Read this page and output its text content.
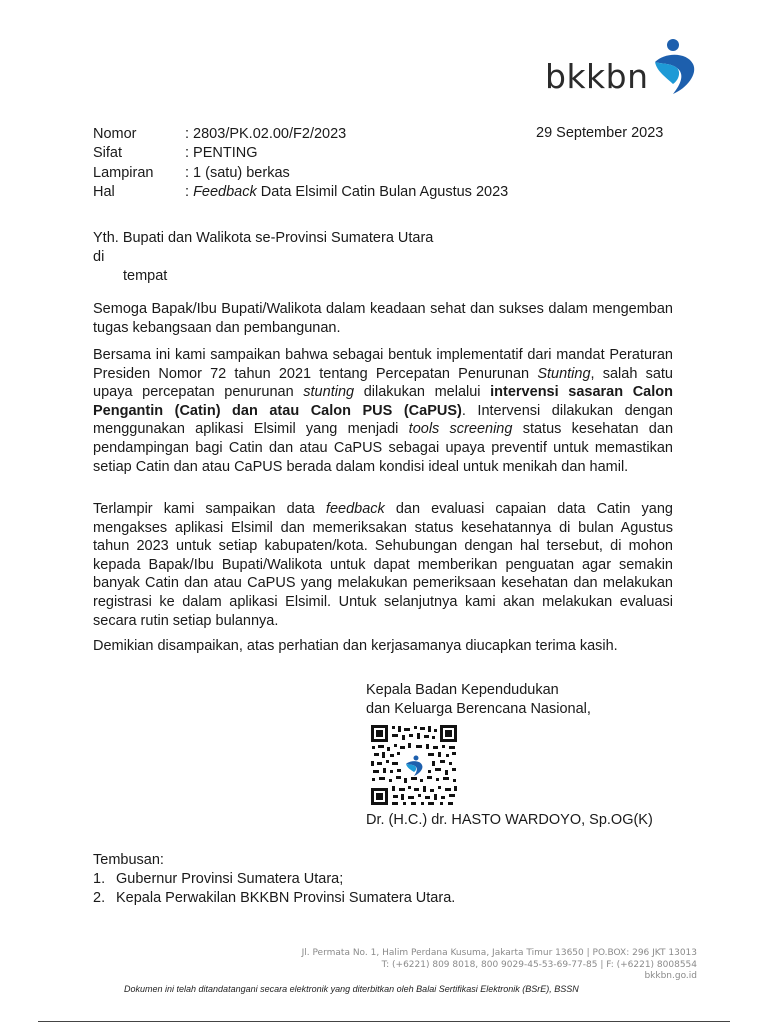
bkkbn
Nomor	: 2803/PK.02.00/F2/2023
Sifat	: PENTING
Lampiran	: 1 (satu) berkas
Hal	: Feedback Data Elsimil Catin Bulan Agustus 2023
29 September 2023
Yth. Bupati dan Walikota se-Provinsi Sumatera Utara
di
tempat
Semoga Bapak/Ibu Bupati/Walikota dalam keadaan sehat dan sukses dalam mengemban tugas kebangsaan dan pembangunan.
Bersama ini kami sampaikan bahwa sebagai bentuk implementatif dari mandat Peraturan Presiden Nomor 72 tahun 2021 tentang Percepatan Penurunan Stunting, salah satu upaya percepatan penurunan stunting dilakukan melalui intervensi sasaran Calon Pengantin (Catin) dan atau Calon PUS (CaPUS). Intervensi dilakukan dengan menggunakan aplikasi Elsimil yang menjadi tools screening status kesehatan dan pendampingan bagi Catin dan atau CaPUS sebagai upaya preventif untuk memastikan setiap Catin dan atau CaPUS berada dalam kondisi ideal untuk menikah dan hamil.
Terlampir kami sampaikan data feedback dan evaluasi capaian data Catin yang mengakses aplikasi Elsimil dan memeriksakan status kesehatannya di bulan Agustus tahun 2023 untuk setiap kabupaten/kota. Sehubungan dengan hal tersebut, di mohon kepada Bapak/Ibu Bupati/Walikota untuk dapat memberikan penguatan agar semakin banyak Catin dan atau CaPUS yang melakukan pemeriksaan kesehatan dan melakukan registrasi ke dalam aplikasi Elsimil. Untuk selanjutnya kami akan melakukan evaluasi secara rutin setiap bulannya.
Demikian disampaikan, atas perhatian dan kerjasamanya diucapkan terima kasih.
Kepala Badan Kependudukan
dan Keluarga Berencana Nasional,
Dr. (H.C.) dr. HASTO WARDOYO, Sp.OG(K)
Tembusan:
1. Gubernur Provinsi Sumatera Utara;
2. Kepala Perwakilan BKKBN Provinsi Sumatera Utara.
Jl. Permata No. 1, Halim Perdana Kusuma, Jakarta Timur 13650 | PO.BOX: 296 JKT 13013
T: (+6221) 809 8018, 800 9029-45-53-69-77-85 | F: (+6221) 8008554
bkkbn.go.id
Dokumen ini telah ditandatangani secara elektronik yang diterbitkan oleh Balai Sertifikasi Elektronik (BSrE), BSSN
